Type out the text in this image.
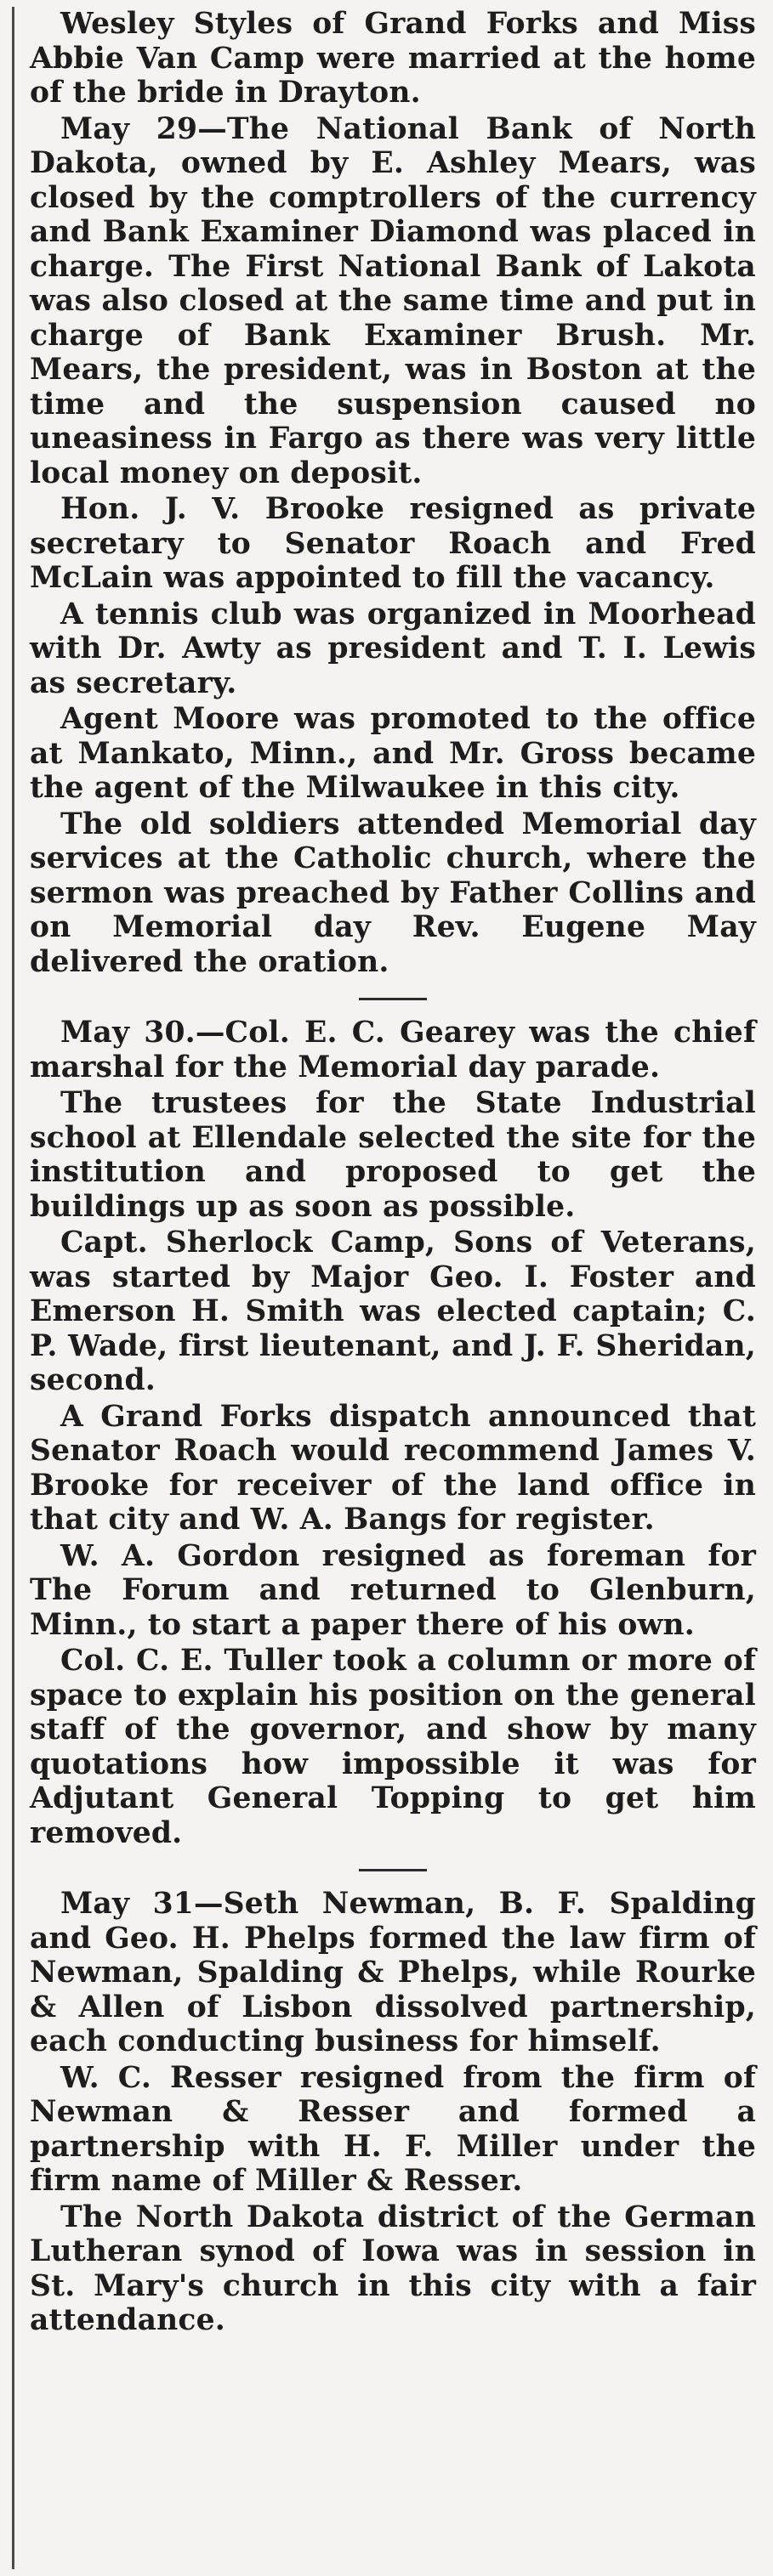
Wesley Styles of Grand Forks and Miss Abbie Van Camp were married at the home of the bride in Drayton.

May 29—The National Bank of North Dakota, owned by E. Ashley Mears, was closed by the comptrollers of the currency and Bank Examiner Diamond was placed in charge. The First National Bank of Lakota was also closed at the same time and put in charge of Bank Examiner Brush. Mr. Mears, the president, was in Boston at the time and the suspension caused no uneasiness in Fargo as there was very little local money on deposit.

Hon. J. V. Brooke resigned as private secretary to Senator Roach and Fred McLain was appointed to fill the vacancy.

A tennis club was organized in Moorhead with Dr. Awty as president and T. I. Lewis as secretary.

Agent Moore was promoted to the office at Mankato, Minn., and Mr. Gross became the agent of the Milwaukee in this city.

The old soldiers attended Memorial day services at the Catholic church, where the sermon was preached by Father Collins and on Memorial day Rev. Eugene May delivered the oration.

May 30.—Col. E. C. Gearey was the chief marshal for the Memorial day parade.

The trustees for the State Industrial school at Ellendale selected the site for the institution and proposed to get the buildings up as soon as possible.

Capt. Sherlock Camp, Sons of Veterans, was started by Major Geo. I. Foster and Emerson H. Smith was elected captain; C. P. Wade, first lieutenant, and J. F. Sheridan, second.

A Grand Forks dispatch announced that Senator Roach would recommend James V. Brooke for receiver of the land office in that city and W. A. Bangs for register.

W. A. Gordon resigned as foreman for The Forum and returned to Glenburn, Minn., to start a paper there of his own.

Col. C. E. Tuller took a column or more of space to explain his position on the general staff of the governor, and show by many quotations how impossible it was for Adjutant General Topping to get him removed.

May 31—Seth Newman, B. F. Spalding and Geo. H. Phelps formed the law firm of Newman, Spalding & Phelps, while Rourke & Allen of Lisbon dissolved partnership, each conducting business for himself.

W. C. Resser resigned from the firm of Newman & Resser and formed a partnership with H. F. Miller under the firm name of Miller & Resser.

The North Dakota district of the German Lutheran synod of Iowa was in session in St. Mary's church in this city with a fair attendance.
